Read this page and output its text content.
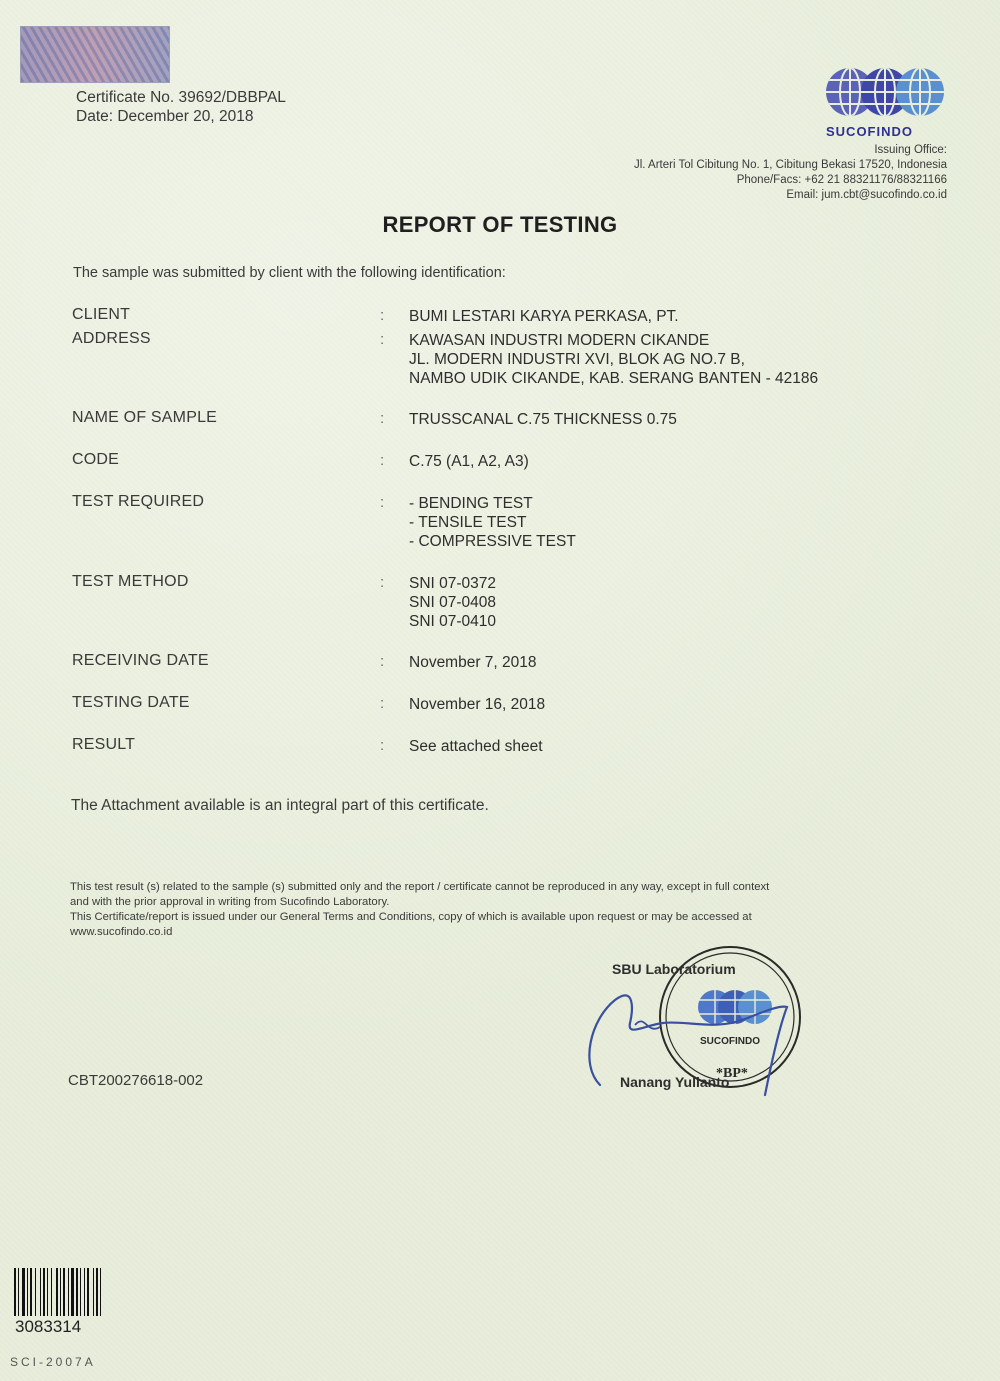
Certificate No. 39692/DBBPAL
Date: December 20, 2018
SUCOFINDO
Issuing Office:
Jl. Arteri Tol Cibitung No. 1, Cibitung Bekasi 17520, Indonesia
Phone/Facs: +62 21 88321176/88321166
Email: jum.cbt@sucofindo.co.id
REPORT OF TESTING
The sample was submitted by client with the following identification:
CLIENT	: BUMI LESTARI KARYA PERKASA, PT.
ADDRESS	: KAWASAN INDUSTRI MODERN CIKANDE
JL. MODERN INDUSTRI XVI, BLOK AG NO.7 B,
NAMBO UDIK CIKANDE, KAB. SERANG BANTEN - 42186
NAME OF SAMPLE	: TRUSSCANAL C.75 THICKNESS 0.75
CODE	: C.75 (A1, A2, A3)
TEST REQUIRED	: - BENDING TEST
- TENSILE TEST
- COMPRESSIVE TEST
TEST METHOD	: SNI 07-0372
SNI 07-0408
SNI 07-0410
RECEIVING DATE	: November 7, 2018
TESTING DATE	: November 16, 2018
RESULT	: See attached sheet
The Attachment available is an integral part of this certificate.
This test result (s) related to the sample (s) submitted only and the report / certificate cannot be reproduced in any way, except in full context
and with the prior approval in writing from Sucofindo Laboratory.
This Certificate/report is issued under our General Terms and Conditions, copy of which is available upon request or may be accessed at
www.sucofindo.co.id
SUCOFINDO
*BP*
SBU Laboratorium
Nanang Yulianto
CBT200276618-002
3083314
SCI-2007A
